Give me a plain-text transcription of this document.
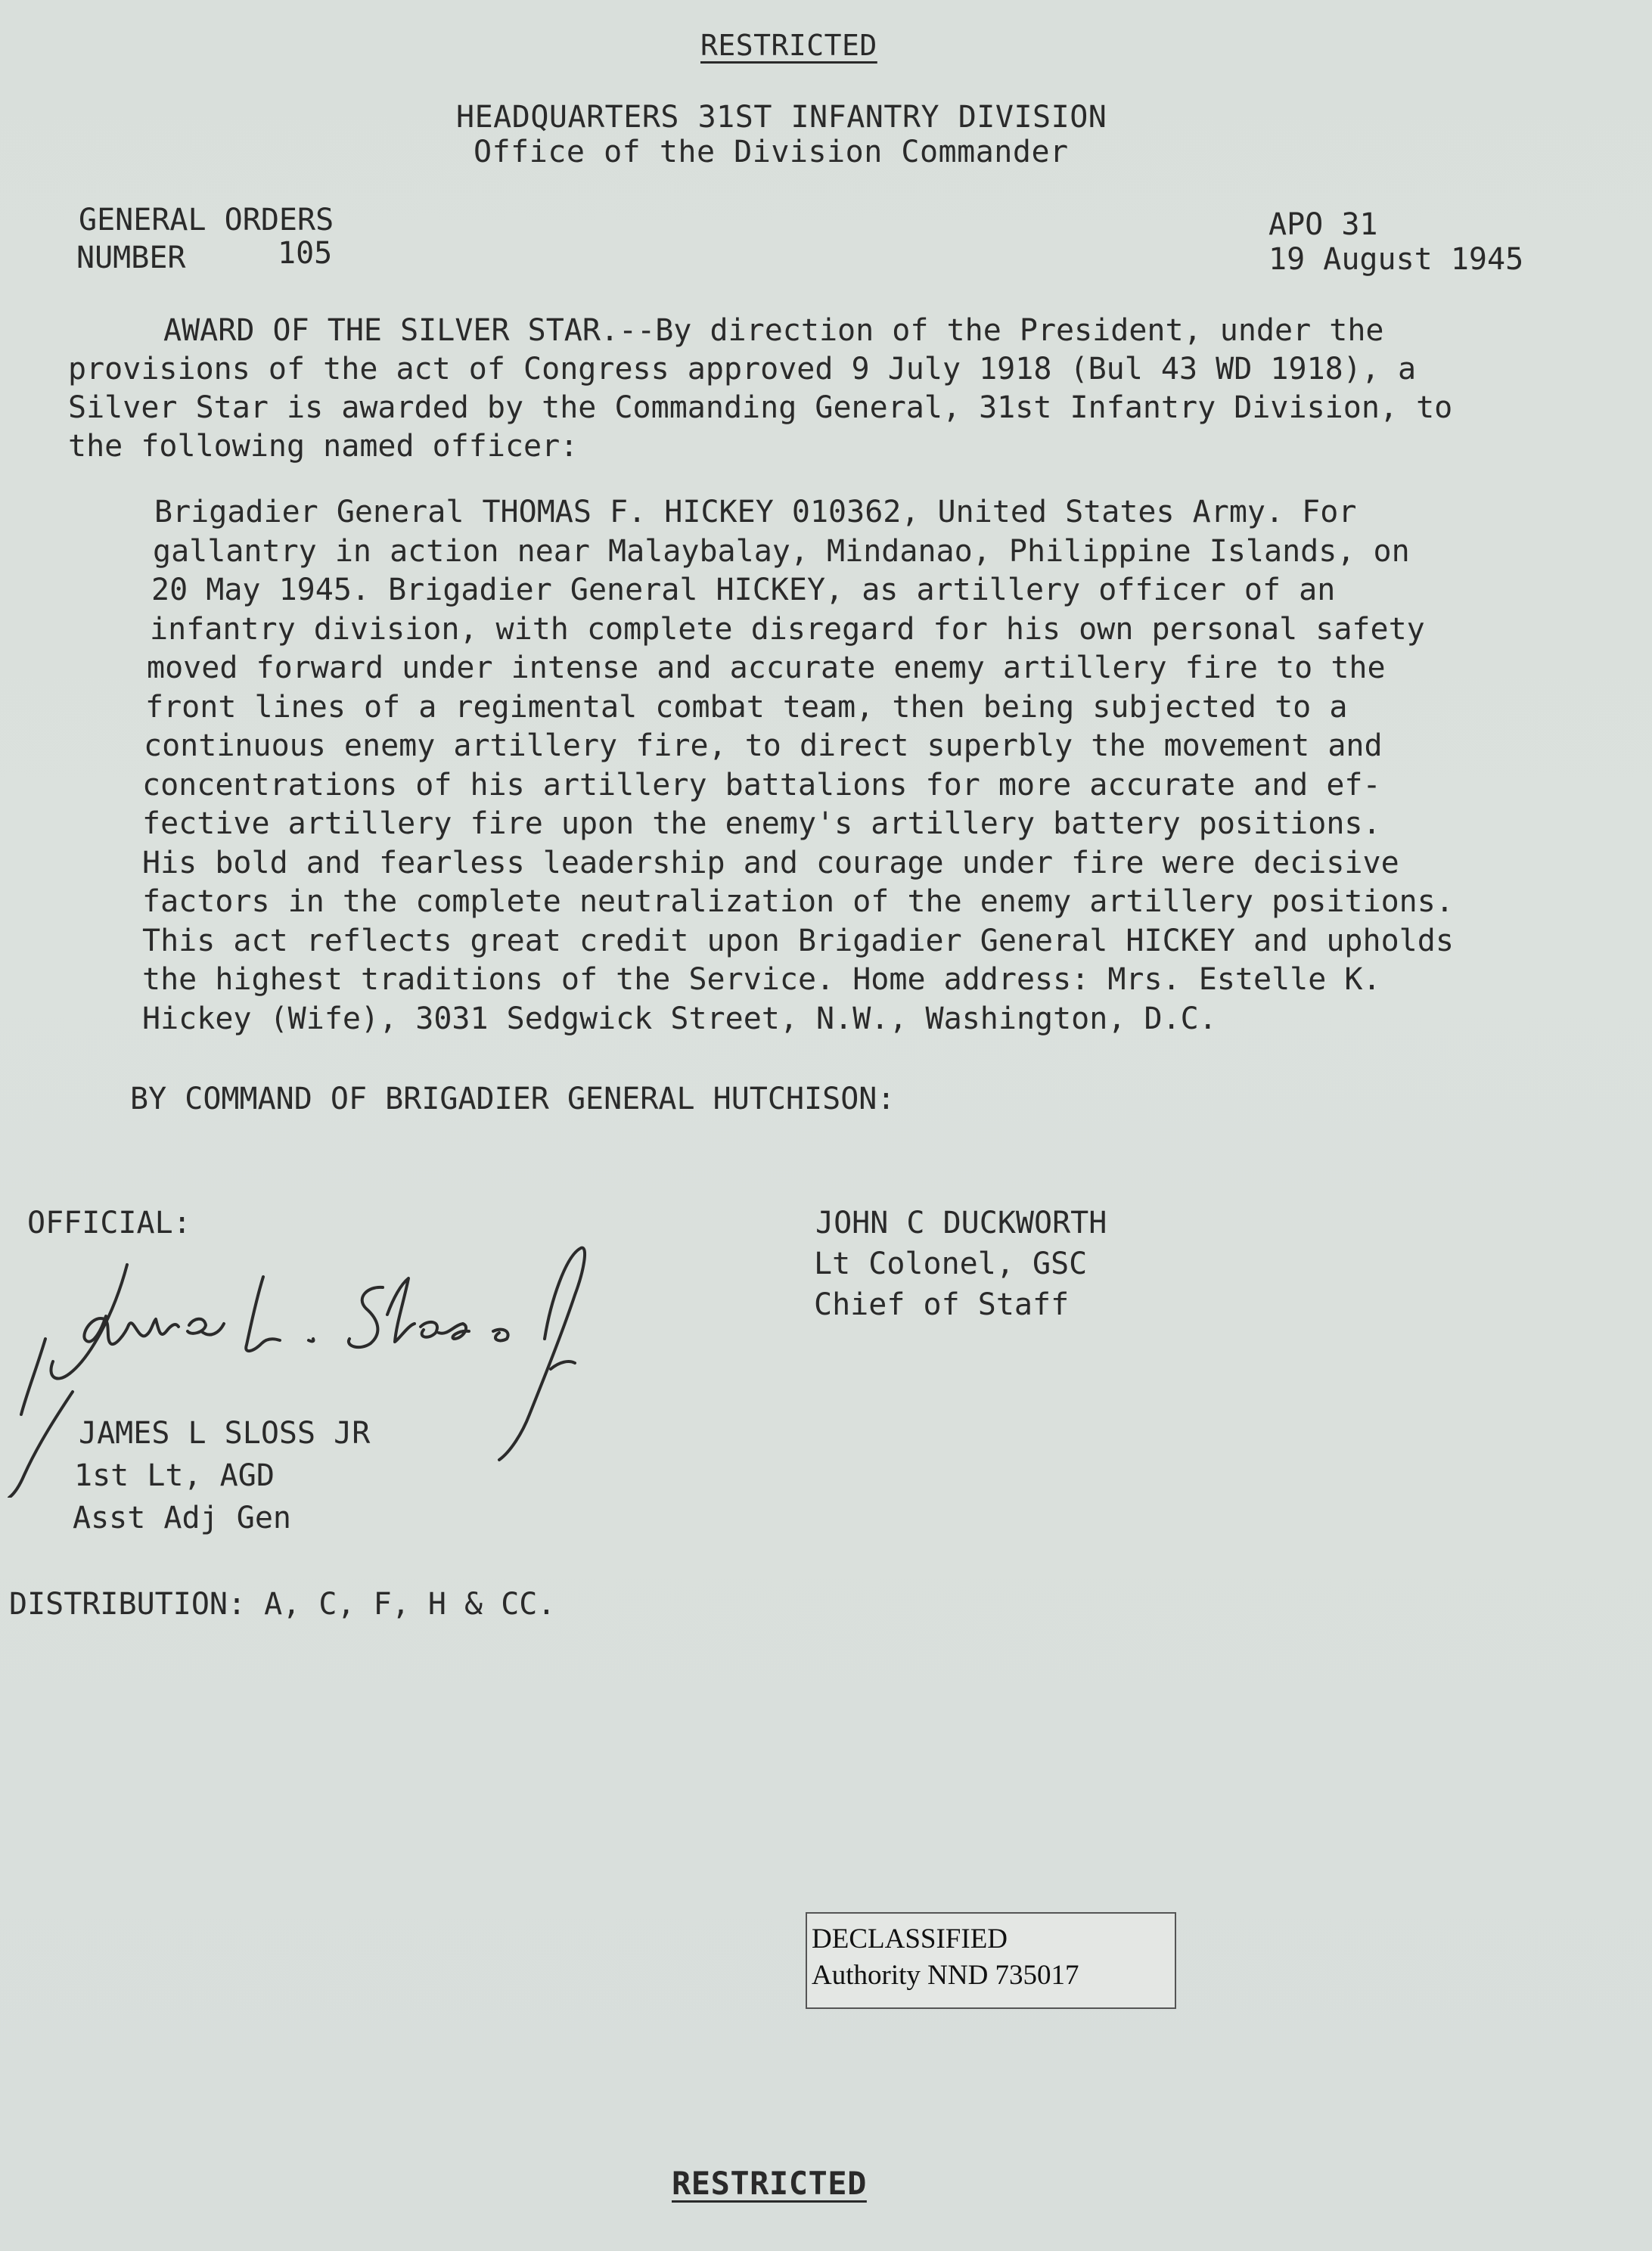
RESTRICTED
HEADQUARTERS 31ST INFANTRY DIVISION
Office of the Division Commander
GENERAL ORDERS
NUMBER	105
APO 31
19 August 1945
AWARD OF THE SILVER STAR.--By direction of the President, under the
provisions of the act of Congress approved 9 July 1918 (Bul 43 WD 1918), a
Silver Star is awarded by the Commanding General, 31st Infantry Division, to
the following named officer:
Brigadier General THOMAS F. HICKEY 010362, United States Army. For
gallantry in action near Malaybalay, Mindanao, Philippine Islands, on
20 May 1945. Brigadier General HICKEY, as artillery officer of an
infantry division, with complete disregard for his own personal safety
moved forward under intense and accurate enemy artillery fire to the
front lines of a regimental combat team, then being subjected to a
continuous enemy artillery fire, to direct superbly the movement and
concentrations of his artillery battalions for more accurate and ef-
fective artillery fire upon the enemy's artillery battery positions.
His bold and fearless leadership and courage under fire were decisive
factors in the complete neutralization of the enemy artillery positions.
This act reflects great credit upon Brigadier General HICKEY and upholds
the highest traditions of the Service. Home address: Mrs. Estelle K.
Hickey (Wife), 3031 Sedgwick Street, N.W., Washington, D.C.
BY COMMAND OF BRIGADIER GENERAL HUTCHISON:
OFFICIAL:
JAMES L SLOSS JR
1st Lt, AGD
Asst Adj Gen
JOHN C DUCKWORTH
Lt Colonel, GSC
Chief of Staff
DISTRIBUTION: A, C, F, H & CC.
DECLASSIFIED
Authority NND 735017
RESTRICTED
